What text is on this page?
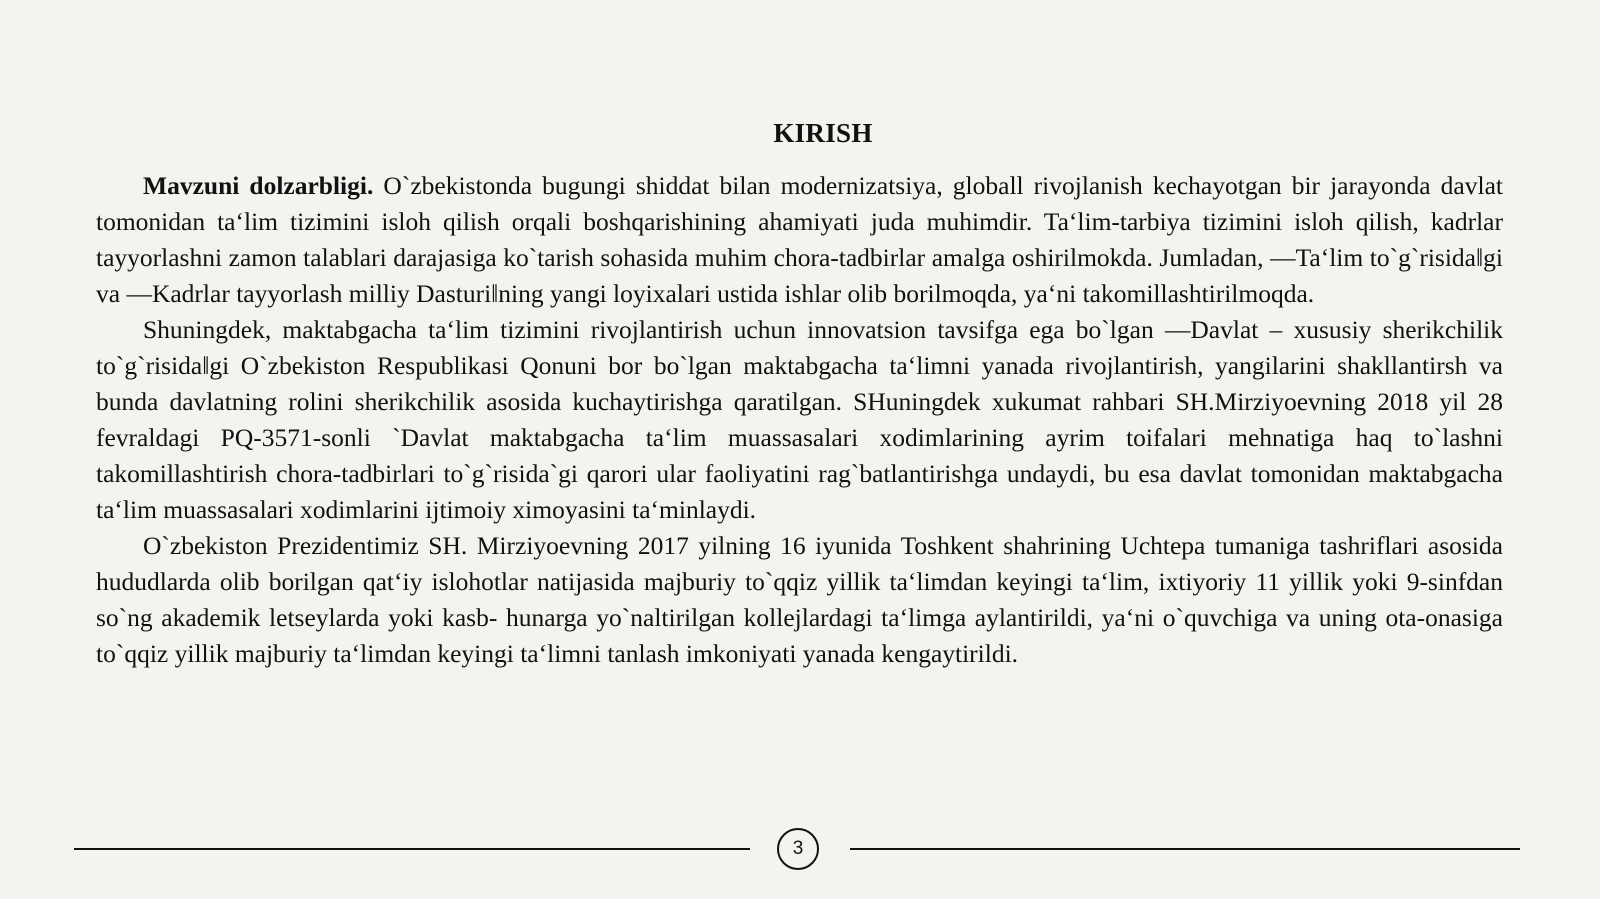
KIRISH

Mavzuni dolzarbligi. O`zbekistonda bugungi shiddat bilan modernizatsiya, globall rivojlanish kechayotgan bir jarayonda davlat tomonidan ta‘lim tizimini isloh qilish orqali boshqarishining ahamiyati juda muhimdir. Ta‘lim-tarbiya tizimini isloh qilish, kadrlar tayyorlashni zamon talablari darajasiga ko`tarish sohasida muhim chora-tadbirlar amalga oshirilmokda. Jumladan, ―Ta‘lim to`g`risida‖gi va ―Kadrlar tayyorlash milliy Dasturi‖ning yangi loyixalari ustida ishlar olib borilmoqda, ya‘ni takomillashtirilmoqda.

Shuningdek, maktabgacha ta‘lim tizimini rivojlantirish uchun innovatsion tavsifga ega bo`lgan ―Davlat – xususiy sherikchilik to`g`risida‖gi O`zbekiston Respublikasi Qonuni bor bo`lgan maktabgacha ta‘limni yanada rivojlantirish, yangilarini shakllantirsh va bunda davlatning rolini sherikchilik asosida kuchaytirishga qaratilgan. SHuningdek xukumat rahbari SH.Mirziyoevning 2018 yil 28 fevraldagi PQ-3571-sonli `Davlat maktabgacha ta‘lim muassasalari xodimlarining ayrim toifalari mehnatiga haq to`lashni takomillashtirish chora-tadbirlari to`g`risida`gi qarori ular faoliyatini rag`batlantirishga undaydi, bu esa davlat tomonidan maktabgacha ta‘lim muassasalari xodimlarini ijtimoiy ximoyasini ta‘minlaydi.

O`zbekiston Prezidentimiz SH. Mirziyoevning 2017 yilning 16 iyunida Toshkent shahrining Uchtepa tumaniga tashriflari asosida hududlarda olib borilgan qat‘iy islohotlar natijasida majburiy to`qqiz yillik ta‘limdan keyingi ta‘lim, ixtiyoriy 11 yillik yoki 9-sinfdan so`ng akademik letseylarda yoki kasb- hunarga yo`naltirilgan kollejlardagi ta‘limga aylantirildi, ya‘ni o`quvchiga va uning ota-onasiga to`qqiz yillik majburiy ta‘limdan keyingi ta‘limni tanlash imkoniyati yanada kengaytirildi.

3
